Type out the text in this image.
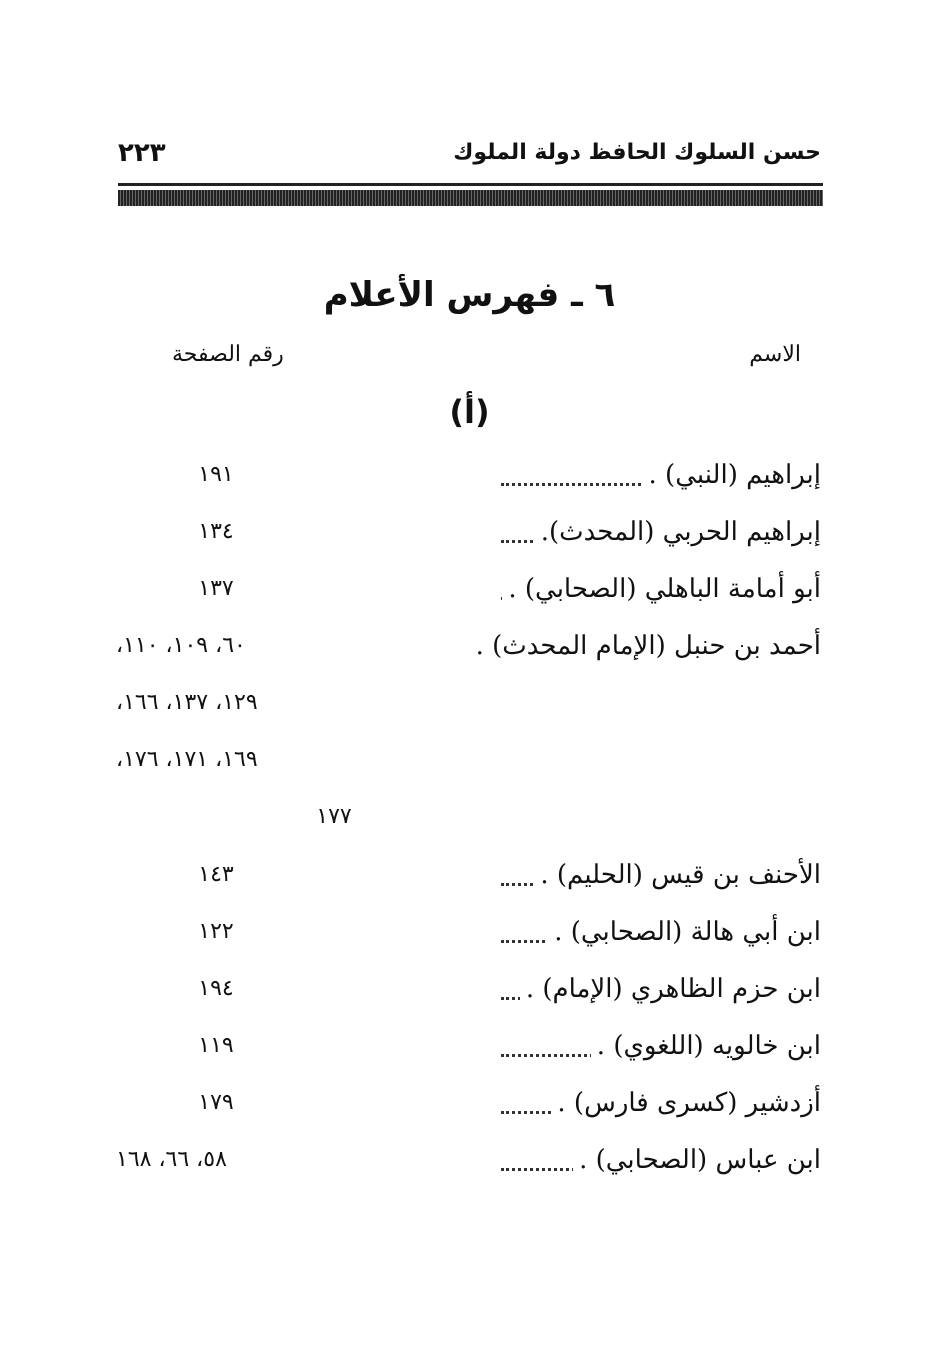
حسن السلوك الحافظ دولة الملوك
٢٢٣
٦ ـ فهرس الأعلام
الاسم
رقم الصفحة
(أ)
إبراهيم (النبي) .
١٩١
إبراهيم الحربي (المحدث).
١٣٤
أبو أمامة الباهلي (الصحابي) .
١٣٧
أحمد بن حنبل (الإمام المحدث) .
٦٠، ١٠٩، ١١٠،
١٢٩، ١٣٧، ١٦٦،
١٦٩، ١٧١، ١٧٦،
١٧٧
الأحنف بن قيس (الحليم) .
١٤٣
ابن أبي هالة (الصحابي) .
١٢٢
ابن حزم الظاهري (الإمام) .
١٩٤
ابن خالويه (اللغوي) .
١١٩
أزدشير (كسرى فارس) .
١٧٩
ابن عباس (الصحابي) .
٥٨، ٦٦، ١٦٨
